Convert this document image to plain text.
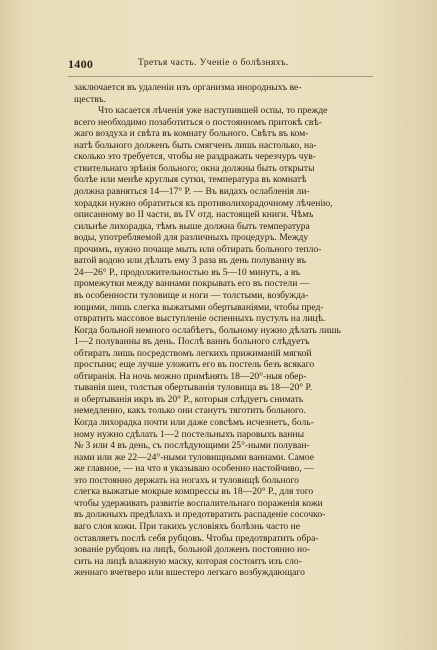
1400	Третья часть. Ученіе о болѣзняхъ.
заключается въ удаленіи изъ организма инородныхъ ве-
ществъ.
Что касается лѣченія уже наступившей оспы, то прежде
всего необходимо позаботиться о постоянномъ притокѣ свѣ-
жаго воздуха и свѣта въ комнату больного. Свѣтъ въ ком-
натѣ больного долженъ быть смягченъ лишь настолько, на-
сколько это требуется, чтобы не раздражать черезчуръ чув-
ствительнаго зрѣнія больного; окна должны быть открыты
болѣе или менѣе круглыя сутки, температура въ комнатѣ
должна равняться 14—17° Р. — Въ видахъ ослабленія ли-
хорадки нужно обратиться къ противолихорадочному лѣченію,
описанному во II части, въ IV отд. настоящей книги. Чѣмъ
сильнѣе лихорадка, тѣмъ выше должна быть температура
воды, употребляемой для различныхъ процедуръ. Между
прочимъ, нужно почаще мыть или обтирать больного тепло-
ватой водою или дѣлать ему 3 раза въ день полуванну въ
24—26° Р., продолжительностью въ 5—10 минутъ, а въ
промежутки между ваннами покрывать его въ постели —
въ особенности туловище и ноги — толстыми, возбужда-
ющими, лишь слегка выжатыми обертываніями, чтобы пред-
отвратить массовое выступленіе оспенныхъ пустулъ на лицѣ.
Когда больной немного ослабѣетъ, больному нужно дѣлать лишь
1—2 полуванны въ день. Послѣ ваннъ больного слѣдуетъ
обтирать лишь посредствомъ легкихъ прижиманій мягкой
простыни; еще лучше уложить его въ постель безъ всякаго
обтиранія. На ночь можно примѣнять 18—20°-ныя обер-
тыванія шеи, толстыя обертыванія туловища въ 18—20° Р.
и обертыванія икръ въ 20° Р., которыя слѣдуетъ снимать
немедленно, какъ только они станутъ тяготить больного.
Когда лихорадка почти или даже совсѣмъ исчезнетъ, боль-
ному нужно сдѣлать 1—2 постельныхъ паровыхъ ванны
№ 3 или 4 въ день, съ послѣдующими 25°-ными полуван-
нами или же 22—24°-ными туловищными ваннами. Самое
же главное, — на что я указываю особенно настойчиво, —
это постоянно держать на ногахъ и туловищѣ больного
слегка выжатые мокрые компрессы въ 18—20° Р., для того
чтобы удерживать развитіе воспалительнаго пораженія кожи
въ должныхъ предѣлахъ и предотвратить распаденіе сосочко-
ваго слоя кожи. При такихъ условіяхъ болѣзнь часто не
оставляетъ послѣ себя рубцовъ. Чтобы предотвратить обра-
зованіе рубцовъ на лицѣ, больной долженъ постоянно но-
сить на лицѣ влажную маску, которая состоитъ изъ сло-
женнаго вчетверо или вшестеро легкаго возбуждающаго
